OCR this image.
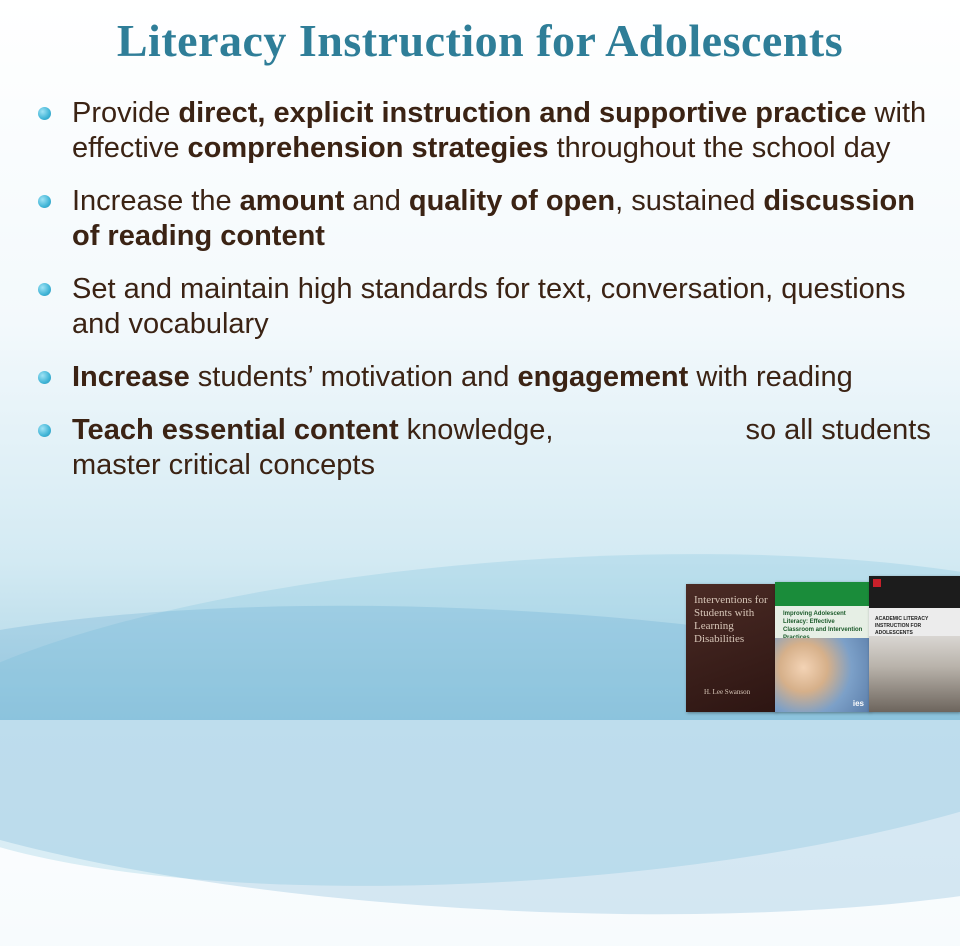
Literacy Instruction for Adolescents
Provide direct, explicit instruction and supportive practice with effective comprehension strategies throughout the school day
Increase the amount and quality of open, sustained discussion of reading content
Set and maintain high standards for text, conversation, questions and vocabulary
Increase students’ motivation and engagement with reading
Teach essential content knowledge,	so all students master critical concepts
Interventions for Students with Learning Disabilities
H. Lee Swanson
Improving Adolescent Literacy: Effective Classroom and Intervention
ies
ACADEMIC LITERACY INSTRUCTION FOR ADOLESCENTS
